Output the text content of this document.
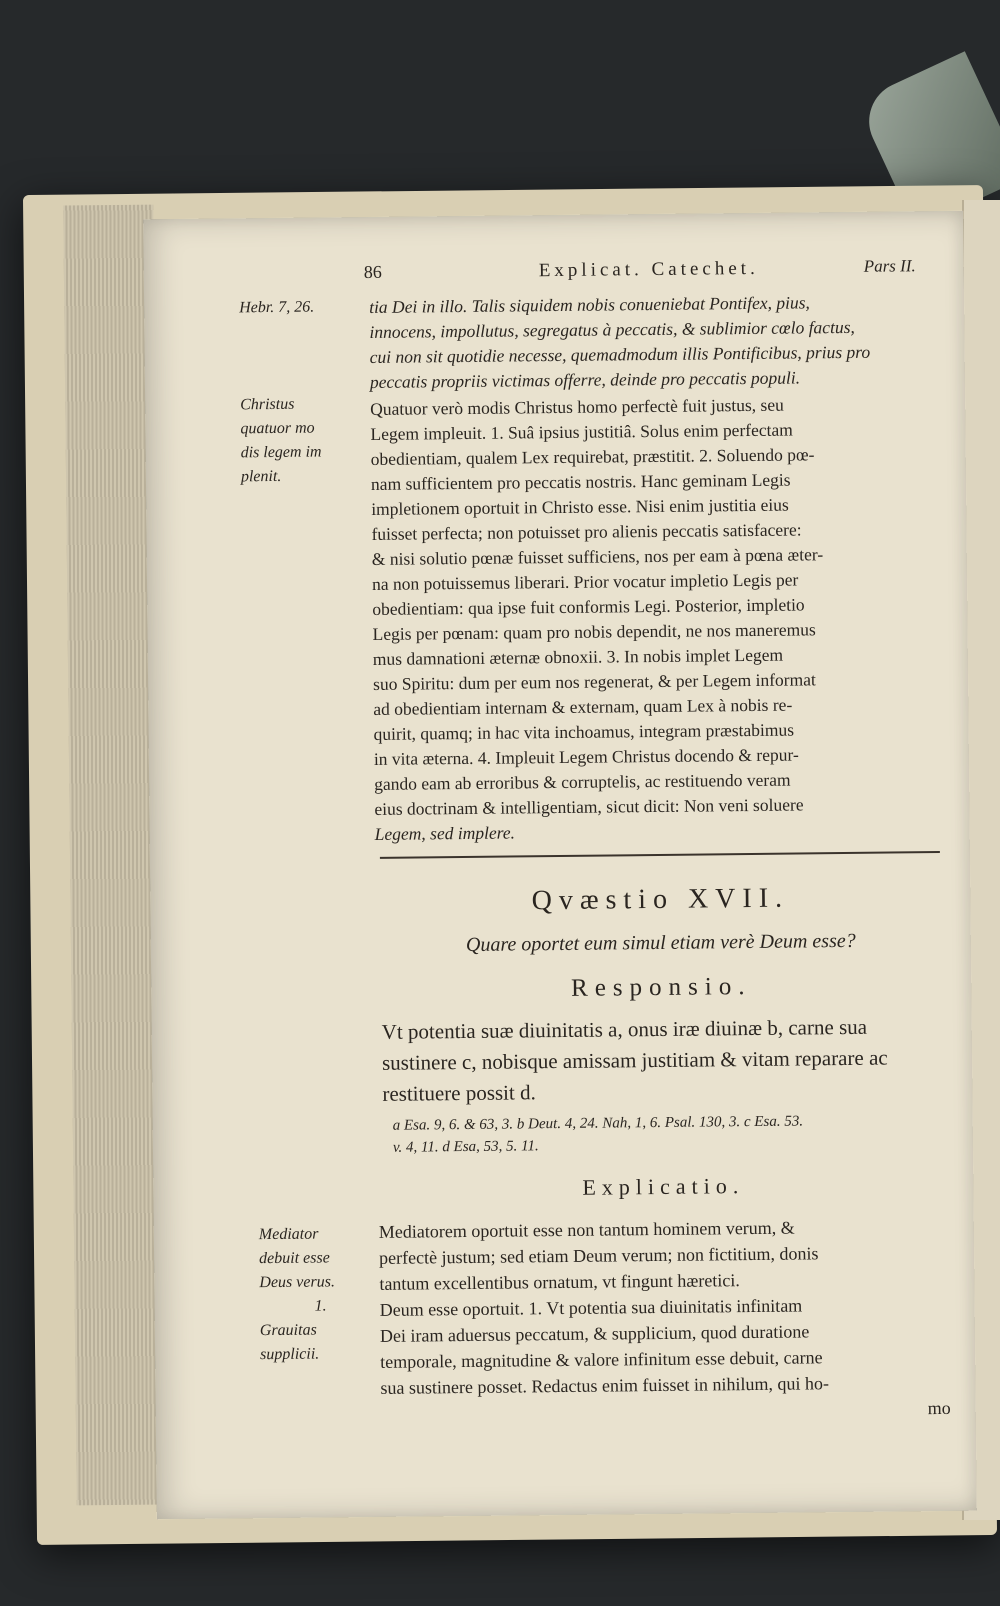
86	Explicat. Catechet.	Pars II.
Hebr. 7, 26.
Christus
quatuor mo
dis legem im
plenit.
Mediator
debuit esse
Deus verus.
1.
Grauitas
supplicii.

tia Dei in illo. Talis siquidem nobis conueniebat Pontifex, pius,

innocens, impollutus, segregatus à peccatis, & sublimior cœlo factus,

cui non sit quotidie necesse, quemadmodum illis Pontificibus, prius pro

peccatis propriis victimas offerre, deinde pro peccatis populi.

Quatuor verò modis Christus homo perfectè fuit justus, seu

Legem impleuit. 1. Suâ ipsius justitiâ. Solus enim perfectam

obedientiam, qualem Lex requirebat, præstitit. 2. Soluendo pœ-

nam sufficientem pro peccatis nostris. Hanc geminam Legis

impletionem oportuit in Christo esse. Nisi enim justitia eius

fuisset perfecta; non potuisset pro alienis peccatis satisfacere:

& nisi solutio pœnæ fuisset sufficiens, nos per eam à pœna æter-

na non potuissemus liberari. Prior vocatur impletio Legis per

obedientiam: qua ipse fuit conformis Legi. Posterior, impletio

Legis per pœnam: quam pro nobis dependit, ne nos maneremus

mus damnationi æternæ obnoxii. 3. In nobis implet Legem

suo Spiritu: dum per eum nos regenerat, & per Legem informat

ad obedientiam internam & externam, quam Lex à nobis re-

quirit, quamq; in hac vita inchoamus, integram præstabimus

in vita æterna. 4. Impleuit Legem Christus docendo & repur-

gando eam ab erroribus & corruptelis, ac restituendo veram

eius doctrinam & intelligentiam, sicut dicit: Non veni soluere

Legem, sed implere.

Qvæstio XVII.
Quare oportet eum simul etiam verè Deum esse?
Responsio.
Vt potentia suæ diuinitatis a, onus iræ diuinæ b, carne sua sustinere c, nobisque amissam justitiam & vitam reparare ac restituere possit d.
a Esa. 9, 6. & 63, 3. b Deut. 4, 24. Nah, 1, 6. Psal. 130, 3. c Esa. 53.
v. 4, 11. d Esa, 53, 5. 11.
Explicatio.

Mediatorem oportuit esse non tantum hominem verum, &

perfectè justum; sed etiam Deum verum; non fictitium, donis

tantum excellentibus ornatum, vt fingunt hæretici.

Deum esse oportuit. 1. Vt potentia sua diuinitatis infinitam

Dei iram aduersus peccatum, & supplicium, quod duratione

temporale, magnitudine & valore infinitum esse debuit, carne

sua sustinere posset. Redactus enim fuisset in nihilum, qui ho-

mo
